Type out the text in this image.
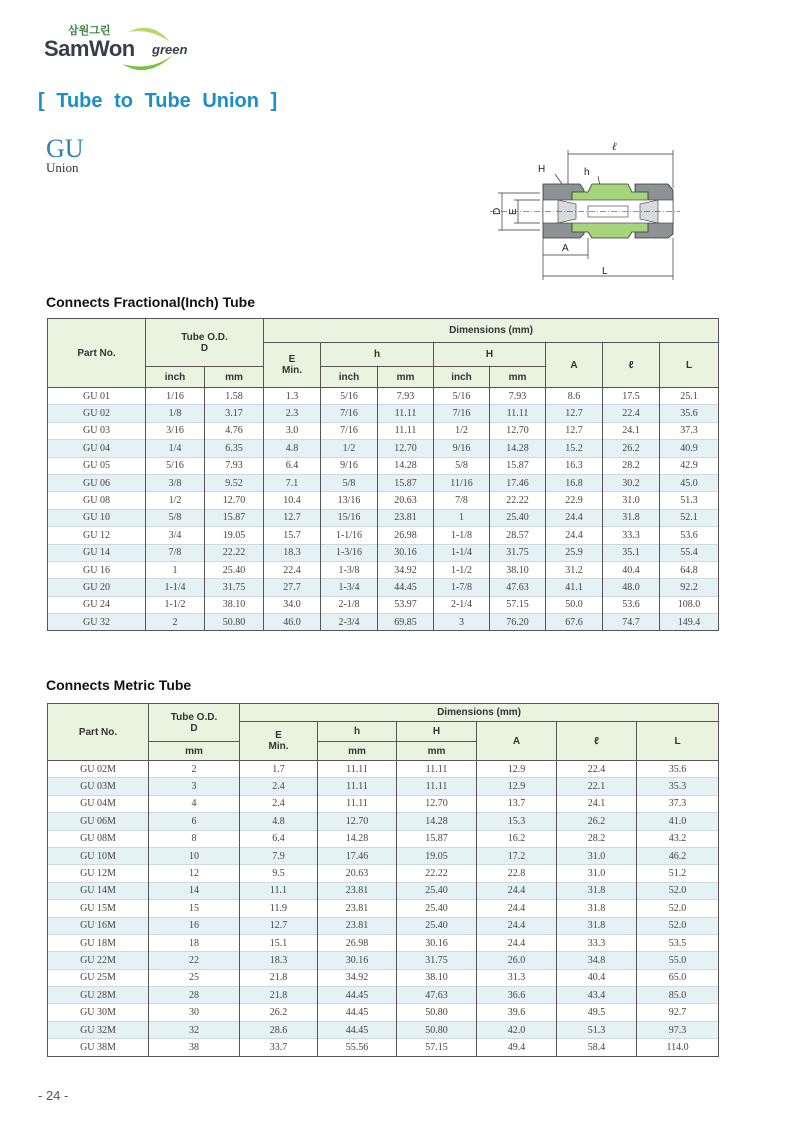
삼원그린
SamWon green
[ Tube to Tube Union ]
GU
Union
ℓ
H	h
D E
A
L
Connects Fractional(Inch) Tube
Part No.	Tube O.D.
D		Dimensions (mm)							
			E
Min.	h		H		A	ℓ	L
	inch	mm		inch	mm	inch	mm			
GU 01	1/16	1.58	1.3	5/16	7.93	5/16	7.93	8.6	17.5	25.1
GU 02	1/8	3.17	2.3	7/16	11.11	7/16	11.11	12.7	22.4	35.6
GU 03	3/16	4.76	3.0	7/16	11.11	1/2	12.70	12.7	24.1	37.3
GU 04	1/4	6.35	4.8	1/2	12.70	9/16	14.28	15.2	26.2	40.9
GU 05	5/16	7.93	6.4	9/16	14.28	5/8	15.87	16.3	28.2	42.9
GU 06	3/8	9.52	7.1	5/8	15.87	11/16	17.46	16.8	30.2	45.0
GU 08	1/2	12.70	10.4	13/16	20.63	7/8	22.22	22.9	31.0	51.3
GU 10	5/8	15.87	12.7	15/16	23.81	1	25.40	24.4	31.8	52.1
GU 12	3/4	19.05	15.7	1-1/16	26.98	1-1/8	28.57	24.4	33.3	53.6
GU 14	7/8	22.22	18.3	1-3/16	30.16	1-1/4	31.75	25.9	35.1	55.4
GU 16	1	25.40	22.4	1-3/8	34.92	1-1/2	38.10	31.2	40.4	64.8
GU 20	1-1/4	31.75	27.7	1-3/4	44.45	1-7/8	47.63	41.1	48.0	92.2
GU 24	1-1/2	38.10	34.0	2-1/8	53.97	2-1/4	57.15	50.0	53.6	108.0
GU 32	2	50.80	46.0	2-3/4	69.85	3	76.20	67.6	74.7	149.4
Connects Metric Tube
Part No.	Tube O.D.
D	Dimensions (mm)					
		E
Min.	h	H	A	ℓ	L
	mm		mm	mm			
GU 02M	2	1.7	11.11	11.11	12.9	22.4	35.6
GU 03M	3	2.4	11.11	11.11	12.9	22.1	35.3
GU 04M	4	2.4	11.11	12.70	13.7	24.1	37.3
GU 06M	6	4.8	12.70	14.28	15.3	26.2	41.0
GU 08M	8	6.4	14.28	15.87	16.2	28.2	43.2
GU 10M	10	7.9	17.46	19.05	17.2	31.0	46.2
GU 12M	12	9.5	20.63	22.22	22.8	31.0	51.2
GU 14M	14	11.1	23.81	25.40	24.4	31.8	52.0
GU 15M	15	11.9	23.81	25.40	24.4	31.8	52.0
GU 16M	16	12.7	23.81	25.40	24.4	31.8	52.0
GU 18M	18	15.1	26.98	30.16	24.4	33.3	53.5
GU 22M	22	18.3	30.16	31.75	26.0	34.8	55.0
GU 25M	25	21.8	34.92	38.10	31.3	40.4	65.0
GU 28M	28	21.8	44.45	47.63	36.6	43.4	85.0
GU 30M	30	26.2	44.45	50.80	39.6	49.5	92.7
GU 32M	32	28.6	44.45	50.80	42.0	51.3	97.3
GU 38M	38	33.7	55.56	57.15	49.4	58.4	114.0
- 24 -
